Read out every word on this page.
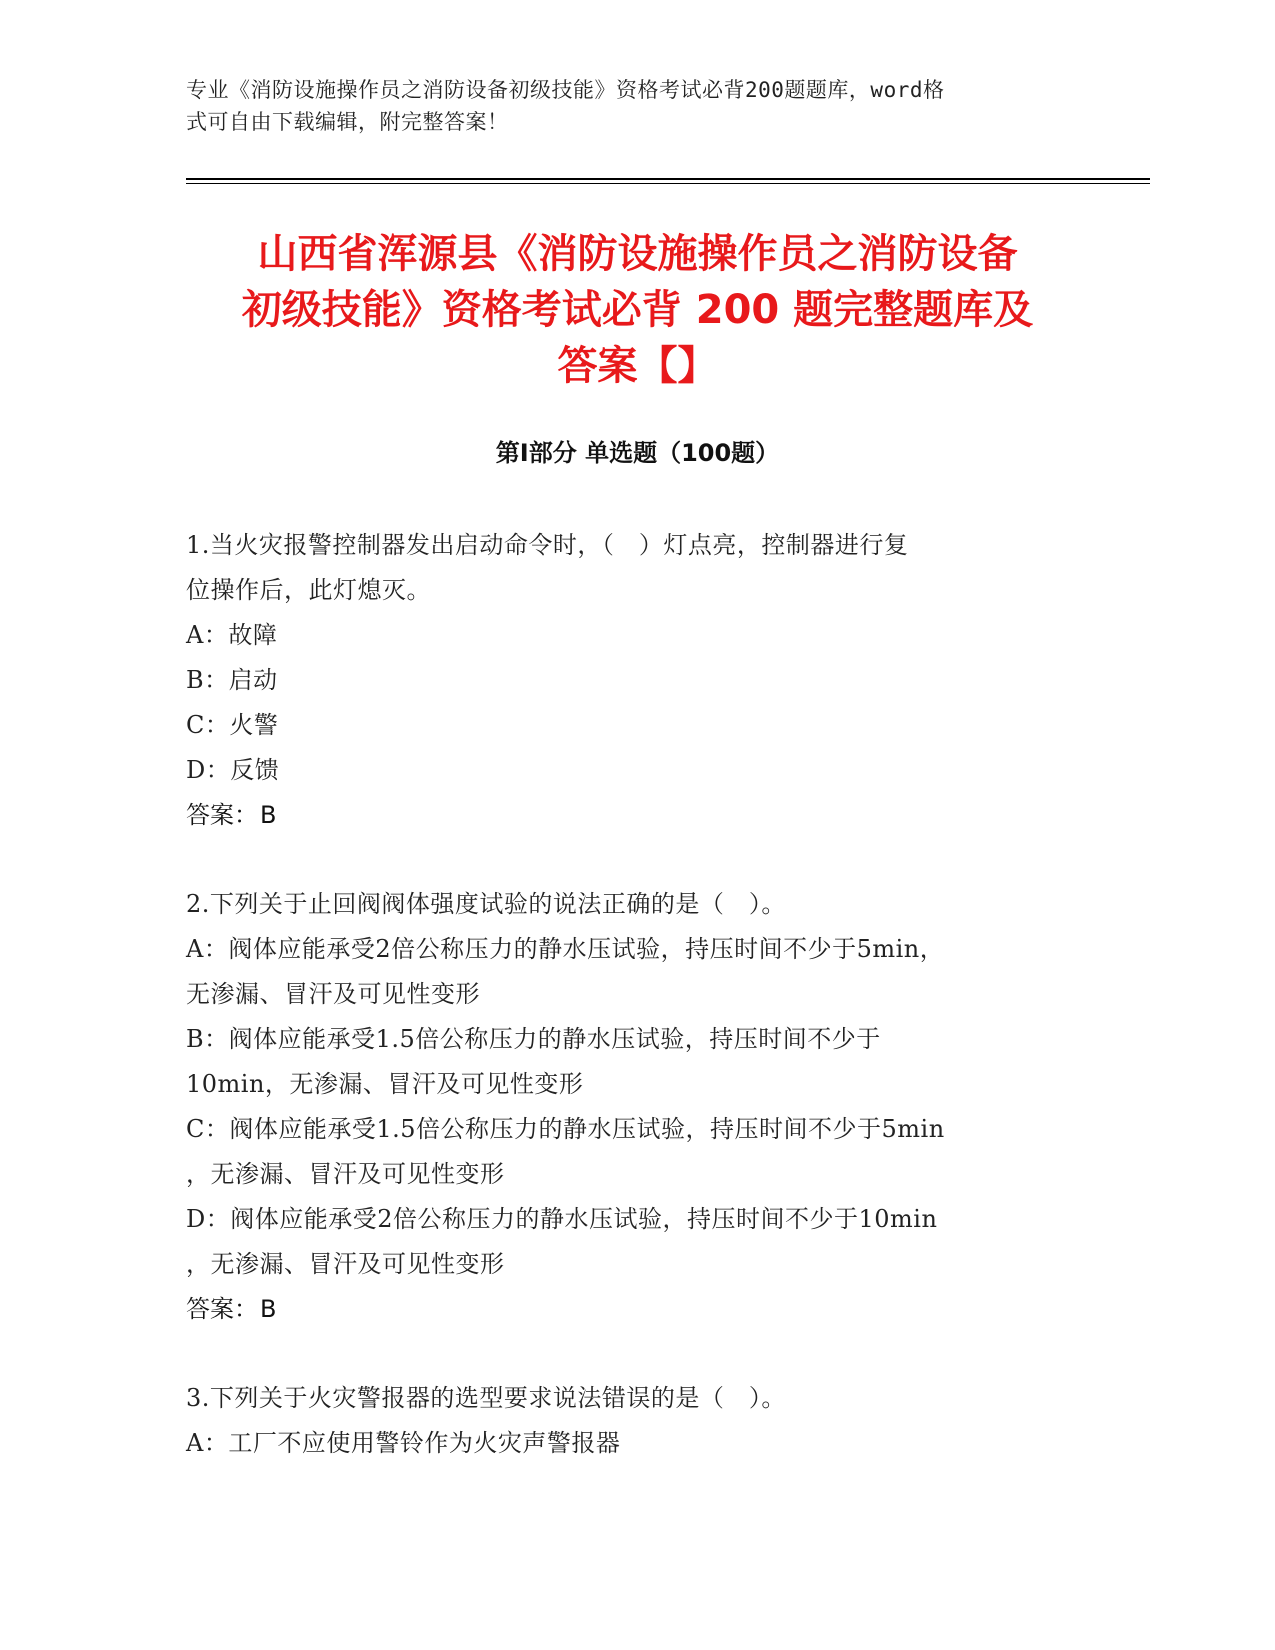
专业《消防设施操作员之消防设备初级技能》资格考试必背200题题库，word格
式可自由下载编辑，附完整答案！
山西省浑源县《消防设施操作员之消防设备
初级技能》资格考试必背 200 题完整题库及
答案【】
第Ⅰ部分 单选题（100题）
1.当火灾报警控制器发出启动命令时，（　）灯点亮，控制器进行复
位操作后，此灯熄灭。
A：故障
B：启动
C：火警
D：反馈
答案：B
2.下列关于止回阀阀体强度试验的说法正确的是（　）。
A：阀体应能承受2倍公称压力的静水压试验，持压时间不少于5min，
无渗漏、冒汗及可见性变形
B：阀体应能承受1.5倍公称压力的静水压试验，持压时间不少于
10min，无渗漏、冒汗及可见性变形
C：阀体应能承受1.5倍公称压力的静水压试验，持压时间不少于5min
，无渗漏、冒汗及可见性变形
D：阀体应能承受2倍公称压力的静水压试验，持压时间不少于10min
，无渗漏、冒汗及可见性变形
答案：B
3.下列关于火灾警报器的选型要求说法错误的是（　）。
A：工厂不应使用警铃作为火灾声警报器
